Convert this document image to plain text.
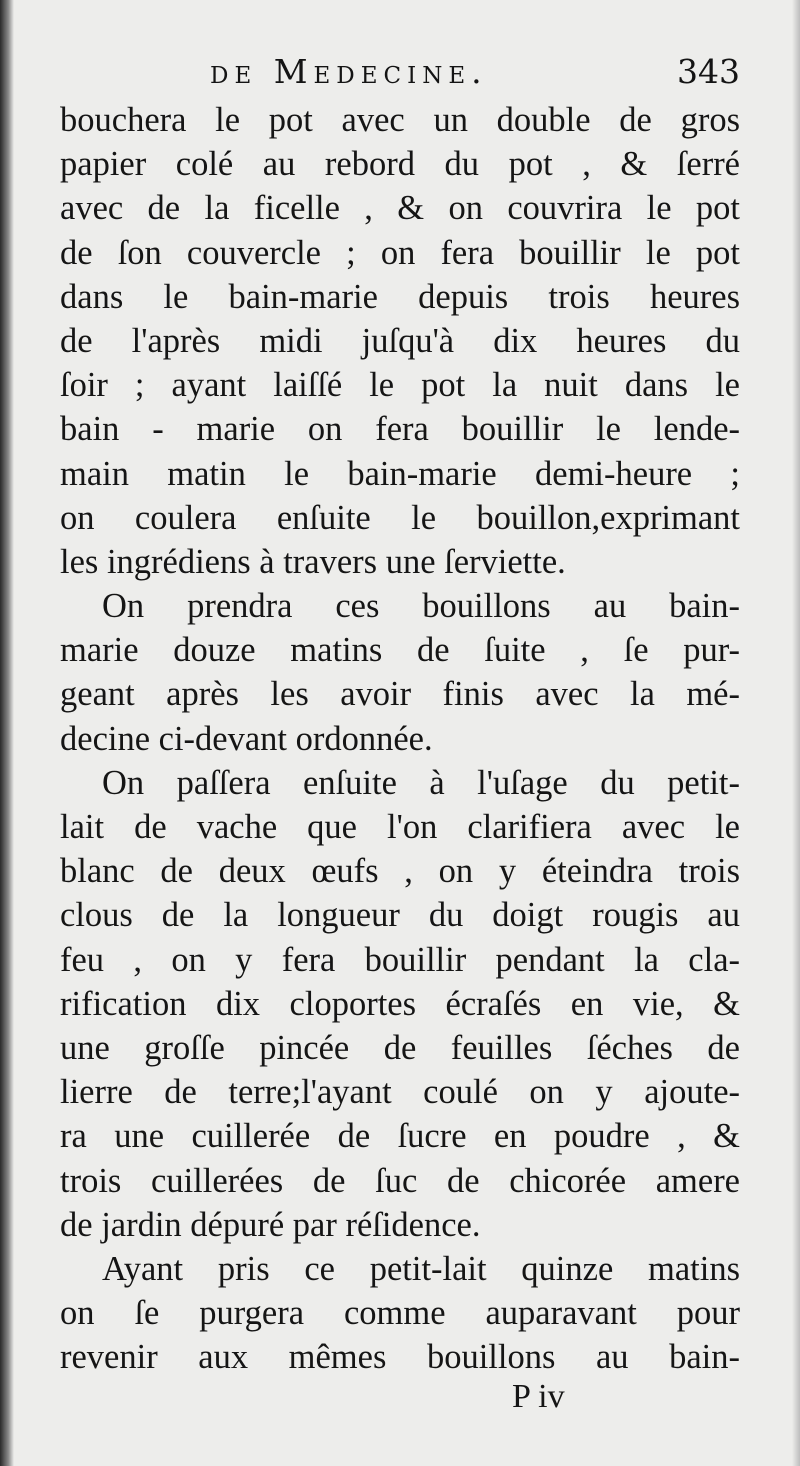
de Medecine.	343
bouchera le pot avec un double de gros
papier colé au rebord du pot , & ſerré
avec de la ficelle , & on couvrira le pot
de ſon couvercle ; on fera bouillir le pot
dans le bain-marie depuis trois heures
de l'après midi juſqu'à dix heures du
ſoir ; ayant laiſſé le pot la nuit dans le
bain - marie on fera bouillir le lende-
main matin le bain-marie demi-heure ;
on coulera enſuite le bouillon,exprimant
les ingrédiens à travers une ſerviette.
On prendra ces bouillons au bain-
marie douze matins de ſuite , ſe pur-
geant après les avoir finis avec la mé-
decine ci-devant ordonnée.
On paſſera enſuite à l'uſage du petit-
lait de vache que l'on clarifiera avec le
blanc de deux œufs , on y éteindra trois
clous de la longueur du doigt rougis au
feu , on y fera bouillir pendant la cla-
rification dix cloportes écraſés en vie, &
une groſſe pincée de feuilles ſéches de
lierre de terre;l'ayant coulé on y ajoute-
ra une cuillerée de ſucre en poudre , &
trois cuillerées de ſuc de chicorée amere
de jardin dépuré par réſidence.
Ayant pris ce petit-lait quinze matins
on ſe purgera comme auparavant pour
revenir aux mêmes bouillons au bain-
P iv
